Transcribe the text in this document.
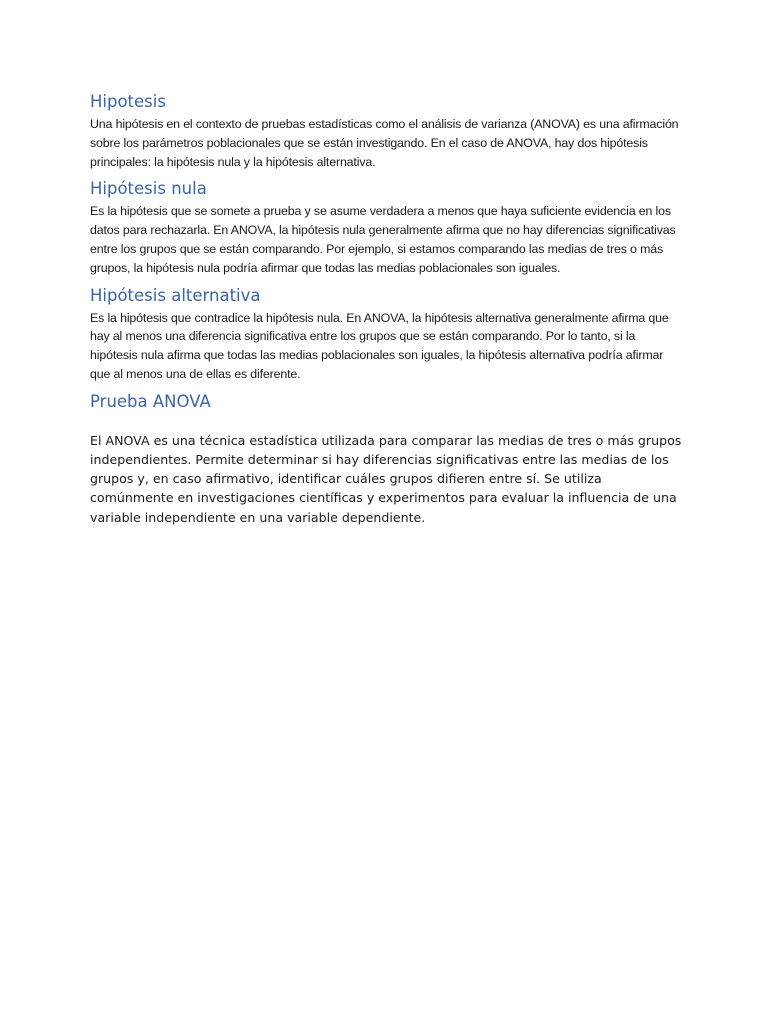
Hipotesis

Una hipótesis en el contexto de pruebas estadísticas como el análisis de varianza (ANOVA) es una afirmación sobre los parámetros poblacionales que se están investigando. En el caso de ANOVA, hay dos hipótesis principales: la hipótesis nula y la hipótesis alternativa.

Hipótesis nula

Es la hipótesis que se somete a prueba y se asume verdadera a menos que haya suficiente evidencia en los datos para rechazarla. En ANOVA, la hipótesis nula generalmente afirma que no hay diferencias significativas entre los grupos que se están comparando. Por ejemplo, si estamos comparando las medias de tres o más grupos, la hipótesis nula podría afirmar que todas las medias poblacionales son iguales.

Hipótesis alternativa

Es la hipótesis que contradice la hipótesis nula. En ANOVA, la hipótesis alternativa generalmente afirma que hay al menos una diferencia significativa entre los grupos que se están comparando. Por lo tanto, si la hipótesis nula afirma que todas las medias poblacionales son iguales, la hipótesis alternativa podría afirmar que al menos una de ellas es diferente.

Prueba ANOVA

El ANOVA es una técnica estadística utilizada para comparar las medias de tres o más grupos independientes. Permite determinar si hay diferencias significativas entre las medias de los grupos y, en caso afirmativo, identificar cuáles grupos difieren entre sí. Se utiliza comúnmente en investigaciones científicas y experimentos para evaluar la influencia de una variable independiente en una variable dependiente.
